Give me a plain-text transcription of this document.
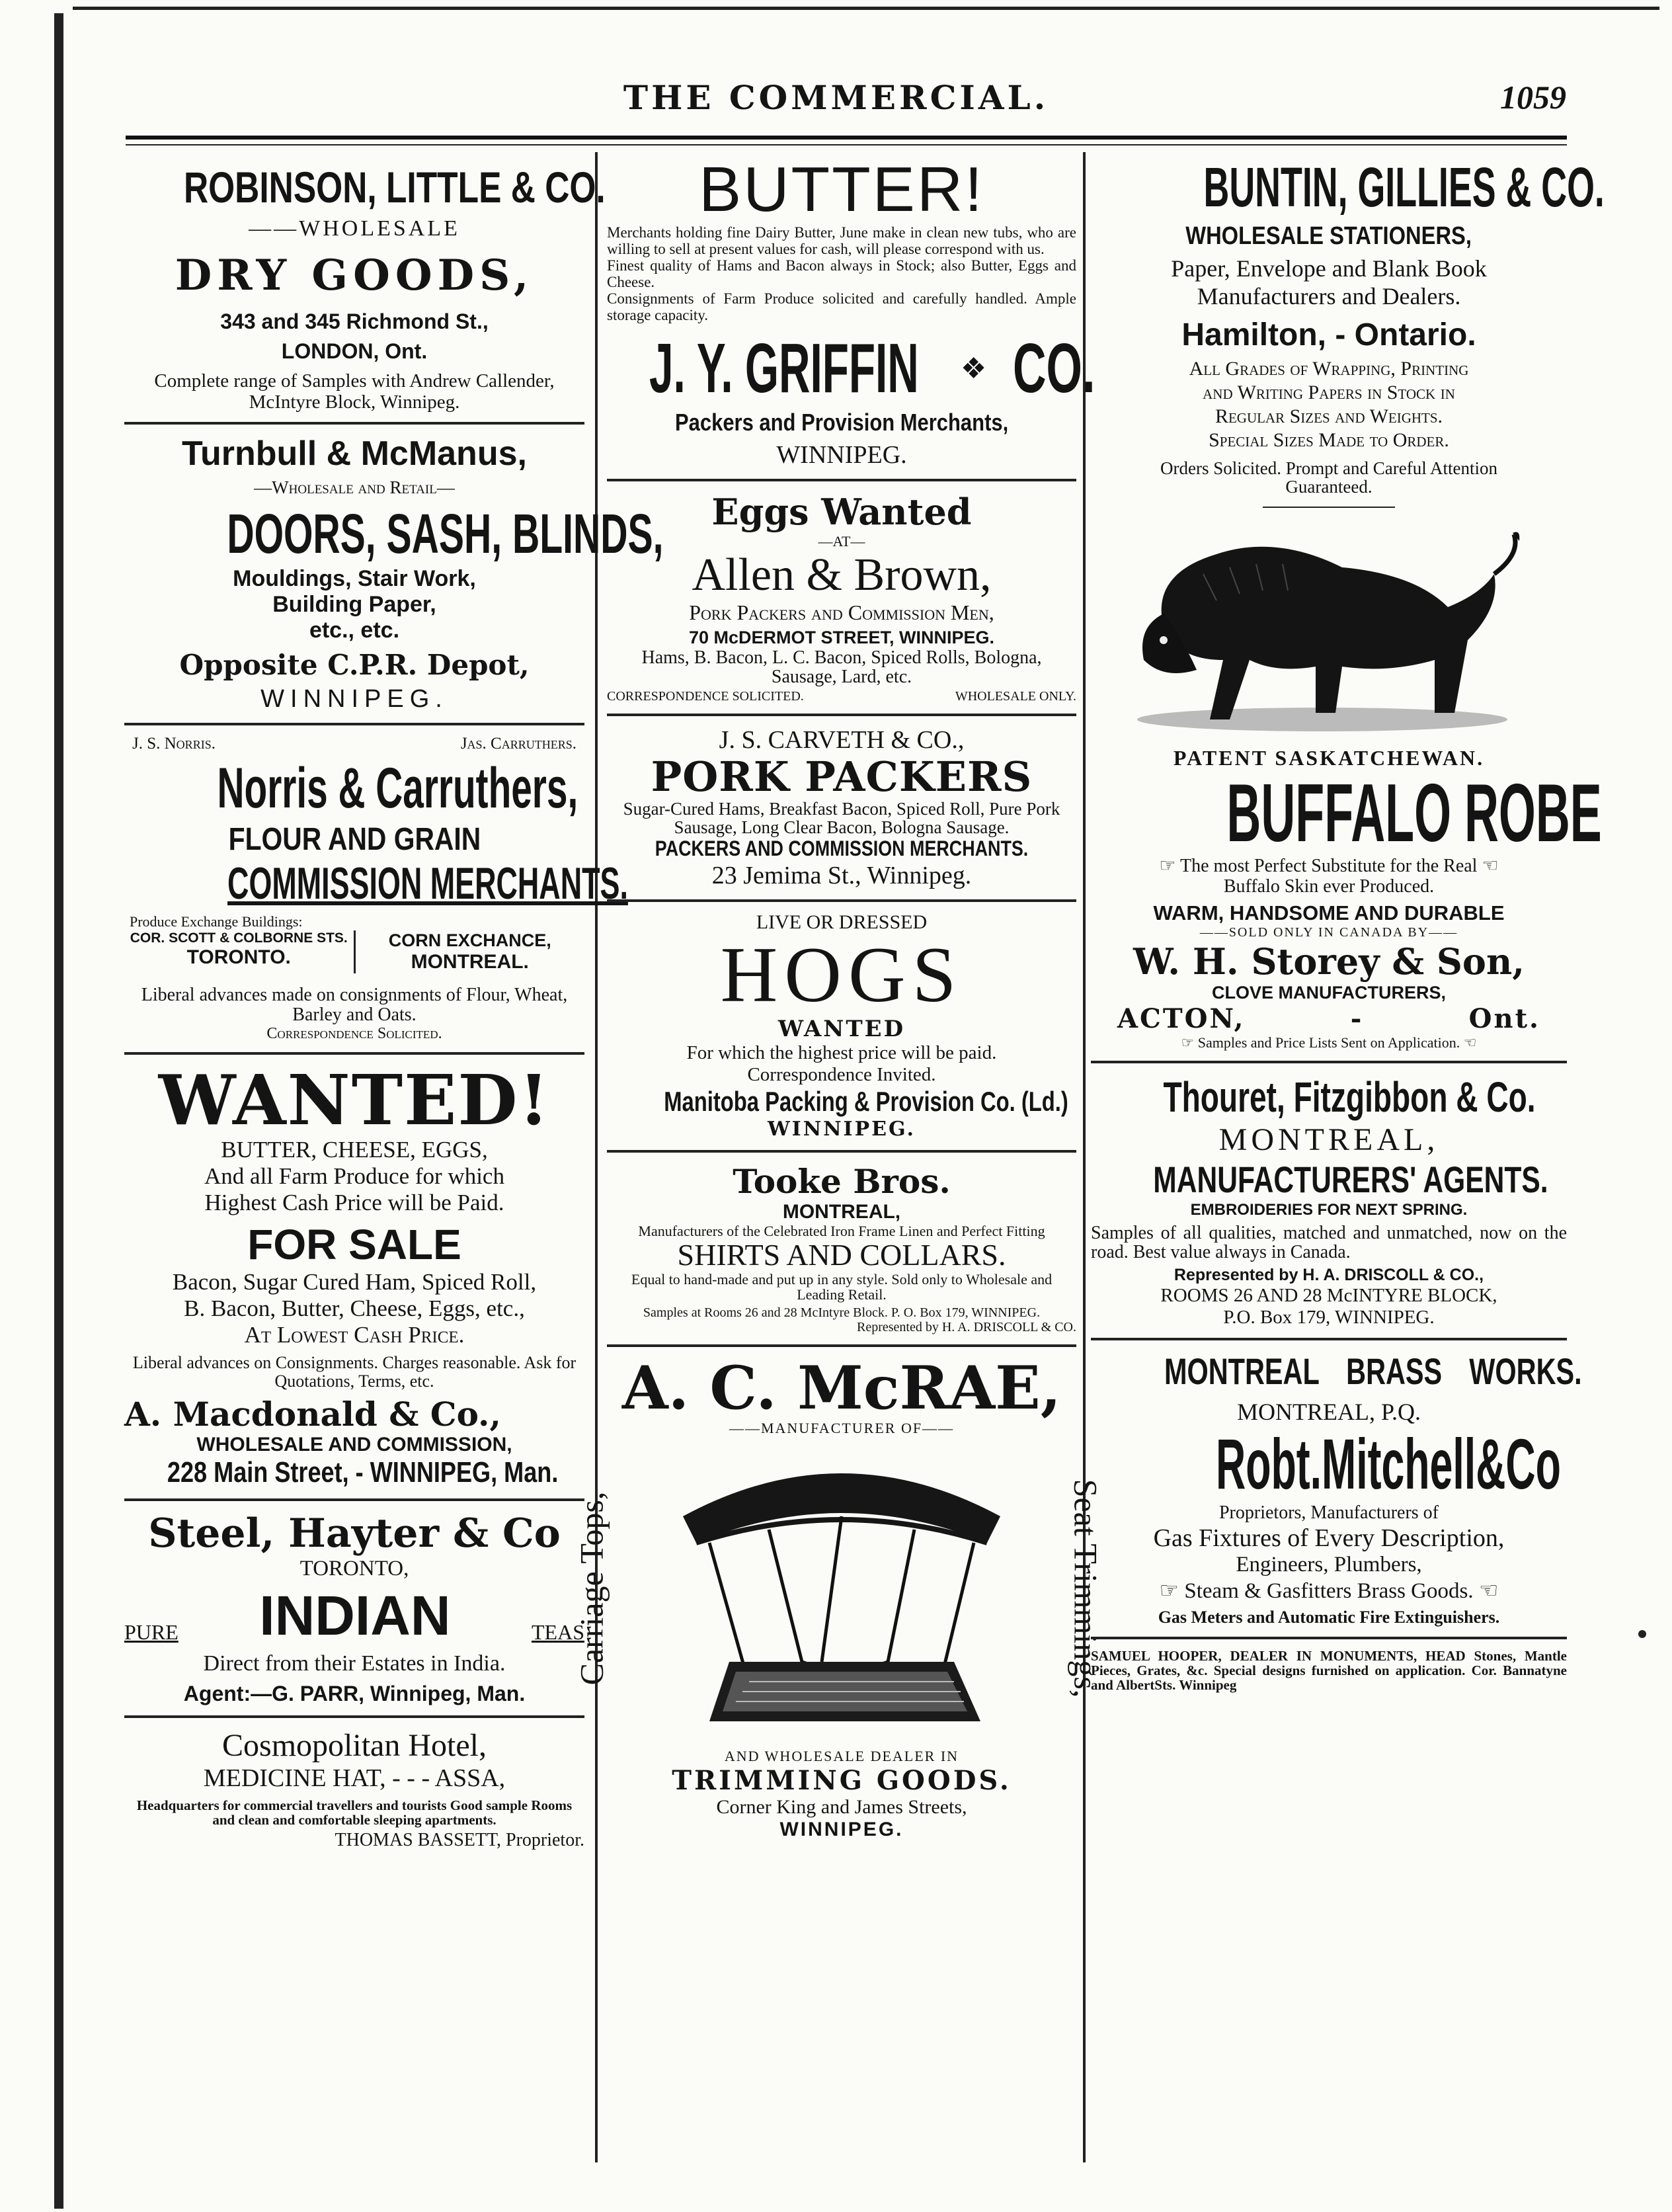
THE COMMERCIAL.	1059
ROBINSON, LITTLE & CO.
——WHOLESALE
DRY GOODS,
343 and 345 Richmond St.,
LONDON, Ont.
Complete range of Samples with Andrew Callender, McIntyre Block, Winnipeg.
Turnbull & McManus,
—Wholesale and Retail—
DOORS, SASH, BLINDS,
Mouldings, Stair Work,
Building Paper,
etc., etc.
Opposite C.P.R. Depot,
WINNIPEG.
J. S. Norris.	Jas. Carruthers.
Norris & Carruthers, FLOUR AND GRAIN COMMISSION MERCHANTS.
Produce Exchange Buildings:
COR. SCOTT & COLBORNE STS.
TORONTO.
CORN EXCHANCE,
MONTREAL.
Liberal advances made on consignments of Flour, Wheat, Barley and Oats.
Correspondence Solicited.
WANTED!
BUTTER, CHEESE, EGGS,
And all Farm Produce for which
Highest Cash Price will be Paid.
FOR SALE
Bacon, Sugar Cured Ham, Spiced Roll,
B. Bacon, Butter, Cheese, Eggs, etc.,
At Lowest Cash Price.
Liberal advances on Consignments. Charges reasonable. Ask for Quotations, Terms, etc.
A. Macdonald & Co.,
WHOLESALE AND COMMISSION,
228 Main Street, - WINNIPEG, Man.
Steel, Hayter & Co
TORONTO,
PURE INDIAN	TEAS
Direct from their Estates in India.
Agent:—G. PARR, Winnipeg, Man.
Cosmopolitan Hotel,
MEDICINE HAT, - - - ASSA,
Headquarters for commercial travellers and tourists Good sample Rooms and clean and comfortable sleeping apartments.
THOMAS BASSETT, Proprietor.
BUTTER!
Merchants holding fine Dairy Butter, June make in clean new tubs, who are willing to sell at present values for cash, will please correspond with us.
Finest quality of Hams and Bacon always in Stock; also Butter, Eggs and Cheese.
Consignments of Farm Produce solicited and carefully handled. Ample storage capacity.
J. Y. GRIFFIN ❖ CO.
Packers and Provision Merchants,
WINNIPEG.
Eggs Wanted
—AT—
Allen & Brown,
Pork Packers and Commission Men,
70 McDERMOT STREET, WINNIPEG.
Hams, B. Bacon, L. C. Bacon, Spiced Rolls, Bologna, Sausage, Lard, etc.
CORRESPONDENCE SOLICITED.	WHOLESALE ONLY.
J. S. CARVETH & CO.,
PORK PACKERS
Sugar-Cured Hams, Breakfast Bacon, Spiced Roll, Pure Pork Sausage, Long Clear Bacon, Bologna Sausage.
PACKERS AND COMMISSION MERCHANTS.
23 Jemima St., Winnipeg.
LIVE OR DRESSED
HOGS
WANTED
For which the highest price will be paid.
Correspondence Invited.
Manitoba Packing & Provision Co. (Ld.)
WINNIPEG.
Tooke Bros.
MONTREAL,
Manufacturers of the Celebrated Iron Frame Linen and Perfect Fitting
SHIRTS AND COLLARS.
Equal to hand-made and put up in any style. Sold only to Wholesale and Leading Retail.
Samples at Rooms 26 and 28 McIntyre Block. P. O. Box 179, WINNIPEG.
Represented by H. A. DRISCOLL & CO.
A. C. McRAE,
——MANUFACTURER OF——
Carriage Tops,	Seat Trimmings,
AND WHOLESALE DEALER IN
TRIMMING GOODS.
Corner King and James Streets,
WINNIPEG.
BUNTIN, GILLIES & CO. WHOLESALE STATIONERS,
Paper, Envelope and Blank Book
Manufacturers and Dealers.
Hamilton, - Ontario.
All Grades of Wrapping, Printing
and Writing Papers in Stock in
Regular Sizes and Weights.
Special Sizes Made to Order.
Orders Solicited. Prompt and Careful Attention Guaranteed.
PATENT SASKATCHEWAN.
BUFFALO ROBE
☞ The most Perfect Substitute for the Real ☜
Buffalo Skin ever Produced.
WARM, HANDSOME AND DURABLE
——SOLD ONLY IN CANADA BY——
W. H. Storey & Son,
CLOVE MANUFACTURERS,
ACTON,	-	Ont.
☞ Samples and Price Lists Sent on Application. ☜
Thouret, Fitzgibbon & Co.
MONTREAL,
MANUFACTURERS' AGENTS.
EMBROIDERIES FOR NEXT SPRING.
Samples of all qualities, matched and unmatched, now on the road. Best value always in Canada.
Represented by H. A. DRISCOLL & CO.,
ROOMS 26 AND 28 McINTYRE BLOCK,
P.O. Box 179, WINNIPEG.
MONTREAL BRASS WORKS.
MONTREAL, P.Q.
Robt.Mitchell&Co
Proprietors, Manufacturers of
Gas Fixtures of Every Description,
Engineers, Plumbers,
☞ Steam & Gasfitters Brass Goods. ☜
Gas Meters and Automatic Fire Extinguishers.
SAMUEL HOOPER, DEALER IN MONUMENTS, HEAD Stones, Mantle Pieces, Grates, &c. Special designs furnished on application. Cor. Bannatyne and AlbertSts. Winnipeg
